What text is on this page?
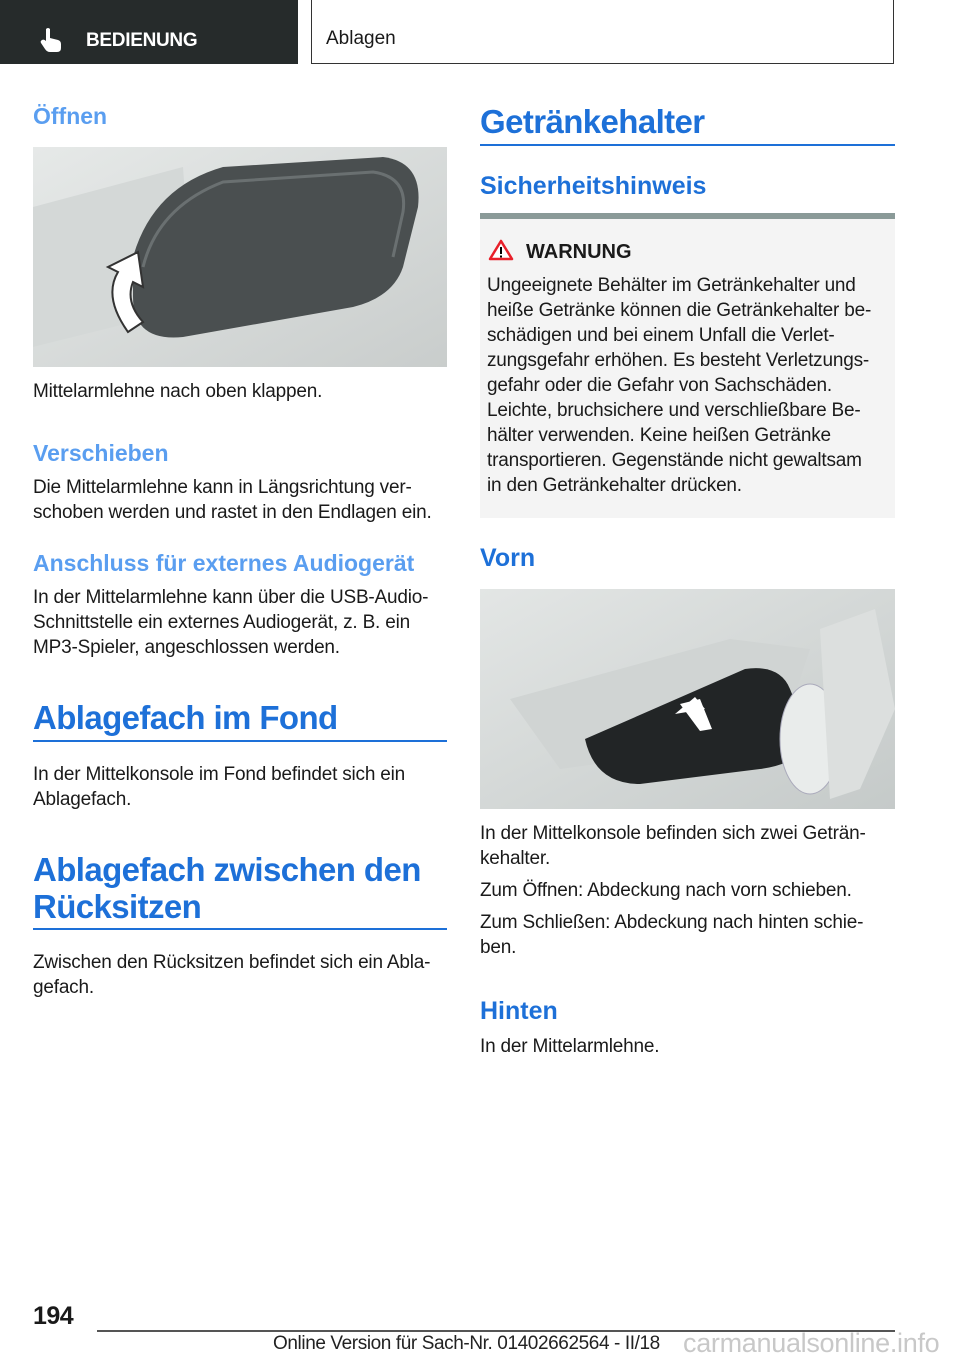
BEDIENUNG	Ablagen
Öffnen
Mittelarmlehne nach oben klappen.
Verschieben
Die Mittelarmlehne kann in Längsrichtung ver-
schoben werden und rastet in den Endlagen ein.
Anschluss für externes Audiogerät
In der Mittelarmlehne kann über die USB-Audio-
Schnittstelle ein externes Audiogerät, z. B. ein
MP3-Spieler, angeschlossen werden.
Ablagefach im Fond
In der Mittelkonsole im Fond befindet sich ein
Ablagefach.
Ablagefach zwischen den
Rücksitzen
Zwischen den Rücksitzen befindet sich ein Abla-
gefach.
Getränkehalter
Sicherheitshinweis
WARNUNG
Ungeeignete Behälter im Getränkehalter und
heiße Getränke können die Getränkehalter be-
schädigen und bei einem Unfall die Verlet-
zungsgefahr erhöhen. Es besteht Verletzungs-
gefahr oder die Gefahr von Sachschäden.
Leichte, bruchsichere und verschließbare Be-
hälter verwenden. Keine heißen Getränke
transportieren. Gegenstände nicht gewaltsam
in den Getränkehalter drücken.
Vorn
In der Mittelkonsole befinden sich zwei Geträn-
kehalter.
Zum Öffnen: Abdeckung nach vorn schieben.
Zum Schließen: Abdeckung nach hinten schie-
ben.
Hinten
In der Mittelarmlehne.
194
Online Version für Sach-Nr. 01402662564 - II/18 carmanualsonline.info
